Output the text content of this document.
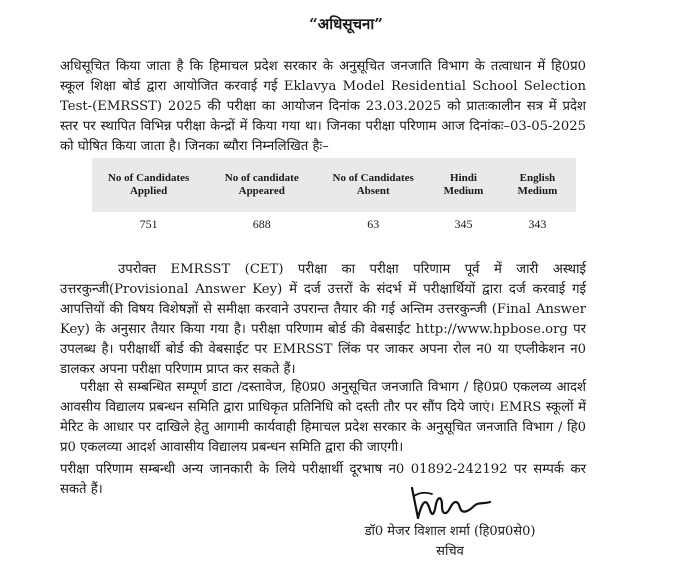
“अधिसूचना”

अधिसूचित किया जाता है कि हिमाचल प्रदेश सरकार के अनुसूचित जनजाति विभाग के तत्वाधान में हि0प्र0 स्कूल शिक्षा बोर्ड द्वारा आयोजित करवाई गई Eklavya Model Residential School Selection Test-(EMRSST) 2025 की परीक्षा का आयोजन दिनांक 23.03.2025 को प्रातःकालीन सत्र में प्रदेश स्तर पर स्थापित विभिन्न परीक्षा केन्द्रों में किया गया था। जिनका परीक्षा परिणाम आज दिनांकः–03-05-2025 को घोषित किया जाता है। जिनका ब्यौरा निम्नलिखित हैः–

No of Candidates Applied	No of candidate Appeared	No of Candidates Absent	Hindi Medium	English Medium
751	688	63	345	343

उपरोक्त EMRSST (CET) परीक्षा का परीक्षा परिणाम पूर्व में जारी अस्थाई उत्तरकुन्जी(Provisional Answer Key) में दर्ज उत्तरों के संदर्भ में परीक्षार्थियों द्वारा दर्ज करवाई गई आपत्तियों की विषय विशेषज्ञों से समीक्षा करवाने उपरान्त तैयार की गई अन्तिम उत्तरकुन्जी (Final Answer Key) के अनुसार तैयार किया गया है। परीक्षा परिणाम बोर्ड की वेबसाईट http://www.hpbose.org पर उपलब्ध है। परीक्षार्थी बोर्ड की वेबसाईट पर EMRSST लिंक पर जाकर अपना रोल न0 या एप्लीकेशन न0 डालकर अपना परीक्षा परिणाम प्राप्त कर सकते हैं।

परीक्षा से सम्बन्धित सम्पूर्ण डाटा /दस्तावेज, हि0प्र0 अनुसूचित जनजाति विभाग / हि0प्र0 एकलव्य आदर्श आवसीय विद्यालय प्रबन्धन समिति द्वारा प्राधिकृत प्रतिनिधि को दस्ती तौर पर सौंप दिये जाएं। EMRS स्कूलों में मेरिट के आधार पर दाखिले हेतु आगामी कार्यवाही हिमाचल प्रदेश सरकार के अनुसूचित जनजाति विभाग / हि0 प्र0 एकलव्या आदर्श आवासीय विद्यालय प्रबन्धन समिति द्वारा की जाएगी।

परीक्षा परिणाम सम्बन्धी अन्य जानकारी के लिये परीक्षार्थी दूरभाष न0 01892-242192 पर सम्पर्क कर सकते हैं।

डॉ0 मेजर विशाल शर्मा (हि0प्र0से0)
सचिव
